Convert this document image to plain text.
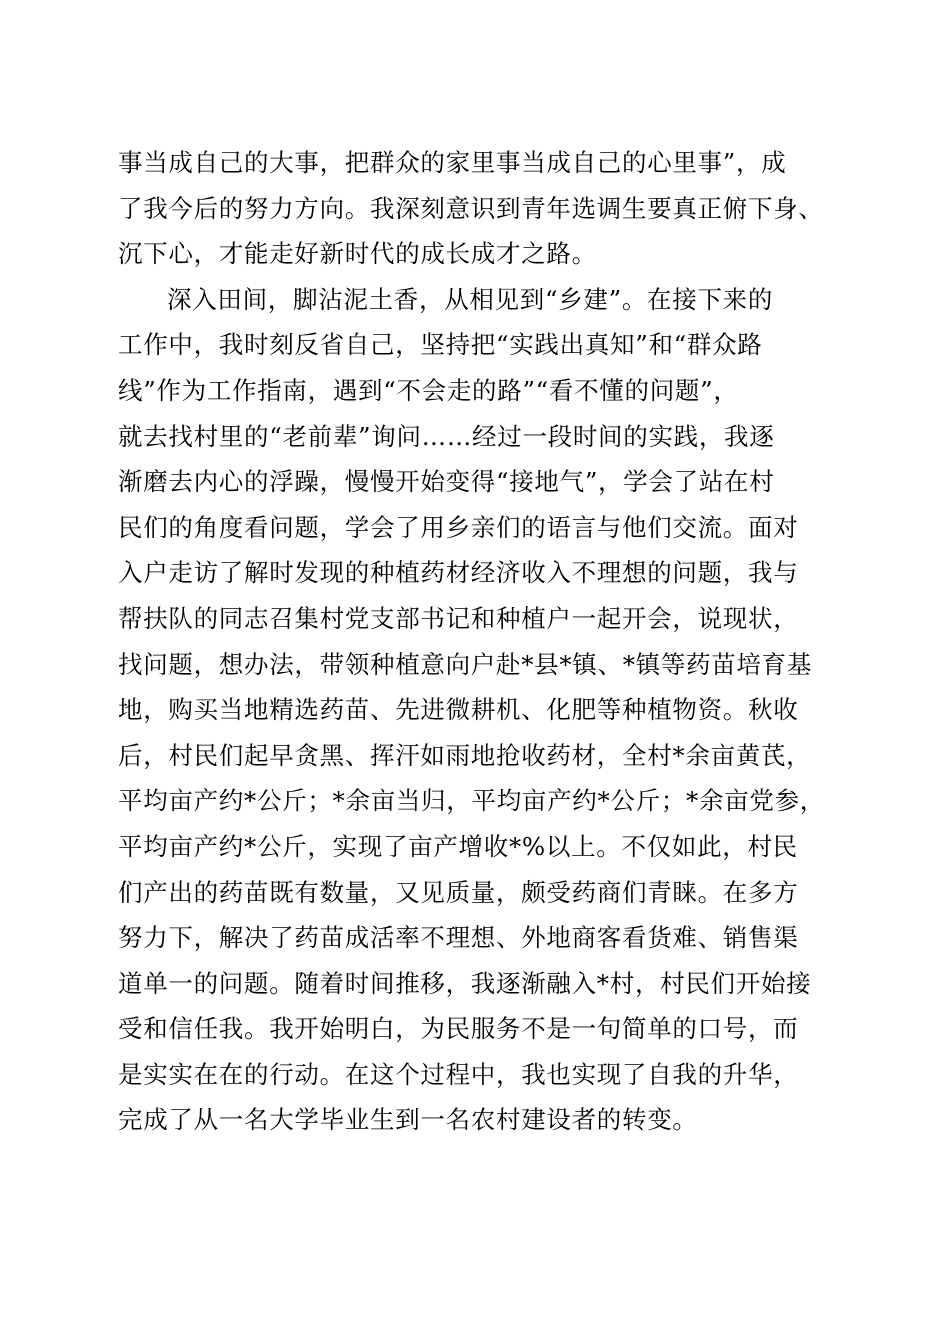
事当成自己的大事，把群众的家里事当成自己的心里事”，成
了我今后的努力方向。我深刻意识到青年选调生要真正俯下身、
沉下心，才能走好新时代的成长成才之路。
深入田间，脚沾泥土香，从相见到“乡建”。在接下来的
工作中，我时刻反省自己，坚持把“实践出真知”和“群众路
线”作为工作指南，遇到“不会走的路”“看不懂的问题”，
就去找村里的“老前辈”询问……经过一段时间的实践，我逐
渐磨去内心的浮躁，慢慢开始变得“接地气”，学会了站在村
民们的角度看问题，学会了用乡亲们的语言与他们交流。面对
入户走访了解时发现的种植药材经济收入不理想的问题，我与
帮扶队的同志召集村党支部书记和种植户一起开会，说现状，
找问题，想办法，带领种植意向户赴*县*镇、*镇等药苗培育基
地，购买当地精选药苗、先进微耕机、化肥等种植物资。秋收
后，村民们起早贪黑、挥汗如雨地抢收药材，全村*余亩黄芪，
平均亩产约*公斤；*余亩当归，平均亩产约*公斤；*余亩党参，
平均亩产约*公斤，实现了亩产增收*%以上。不仅如此，村民
们产出的药苗既有数量，又见质量，颇受药商们青睐。在多方
努力下，解决了药苗成活率不理想、外地商客看货难、销售渠
道单一的问题。随着时间推移，我逐渐融入*村，村民们开始接
受和信任我。我开始明白，为民服务不是一句简单的口号，而
是实实在在的行动。在这个过程中，我也实现了自我的升华，
完成了从一名大学毕业生到一名农村建设者的转变。
